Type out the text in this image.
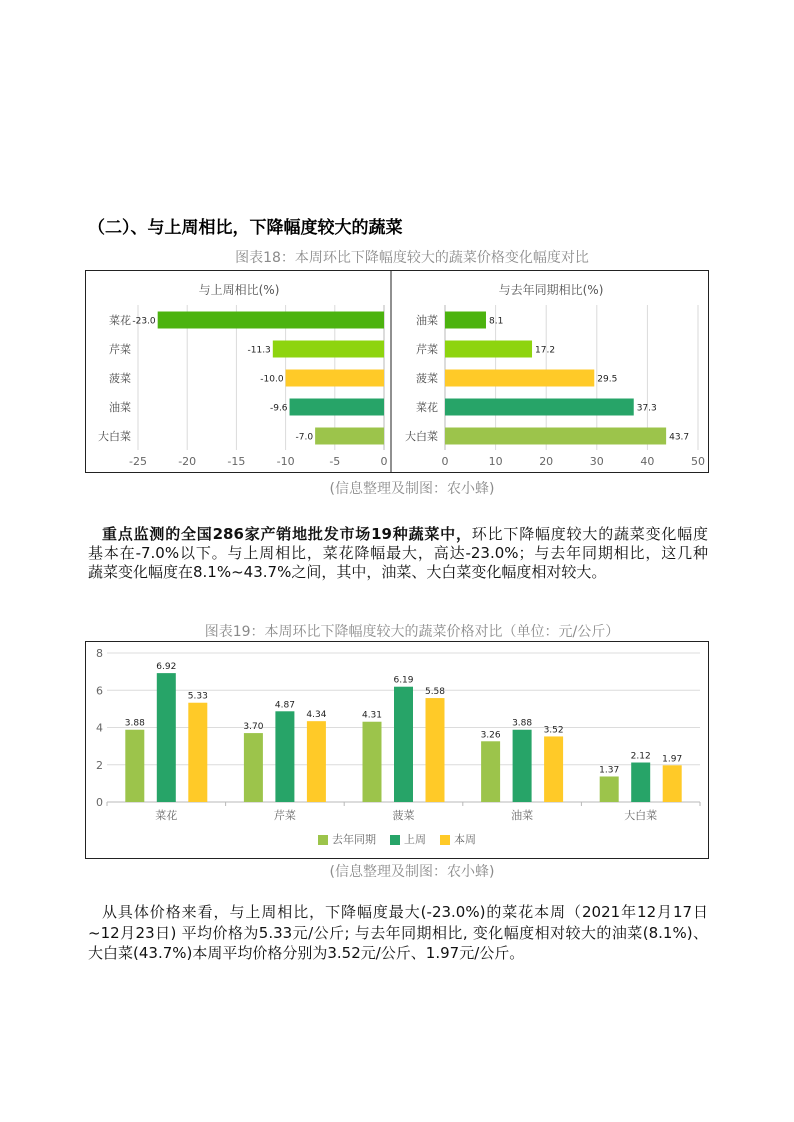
（二）、与上周相比，下降幅度较大的蔬菜
图表18：本周环比下降幅度较大的蔬菜价格变化幅度对比
与上周相比(%)
-25	-20	-15	-10	-5	0
菜花 -23.0
芹菜	-11.3
菠菜	-10.0
油菜	-9.6
大白菜	-7.0
与去年同期相比(%)
0	10	20	30	40	50
油菜	8.1
芹菜	17.2
菠菜	29.5
菜花	37.3
大白菜	43.7
(信息整理及制图：农小蜂)
重点监测的全国286家产销地批发市场19种蔬菜中，环比下降幅度较大的蔬菜变化幅度
基本在-7.0%以下。与上周相比，菜花降幅最大，高达-23.0%；与去年同期相比，这几种
蔬菜变化幅度在8.1%~43.7%之间，其中，油菜、大白菜变化幅度相对较大。
图表19：本周环比下降幅度较大的蔬菜价格对比（单位：元/公斤）
0
2
4
6
8
菜花
3.88
6.92
5.33
芹菜
3.70
4.87
4.34
菠菜
4.31
6.19
5.58
油菜
3.26
3.88
3.52
大白菜
1.37
2.12 1.97
去年同期	上周	本周
(信息整理及制图：农小蜂)
从具体价格来看，与上周相比，下降幅度最大(-23.0%)的菜花本周（2021年12月17日
~12月23日) 平均价格为5.33元/公斤; 与去年同期相比, 变化幅度相对较大的油菜(8.1%)、
大白菜(43.7%)本周平均价格分别为3.52元/公斤、1.97元/公斤。
